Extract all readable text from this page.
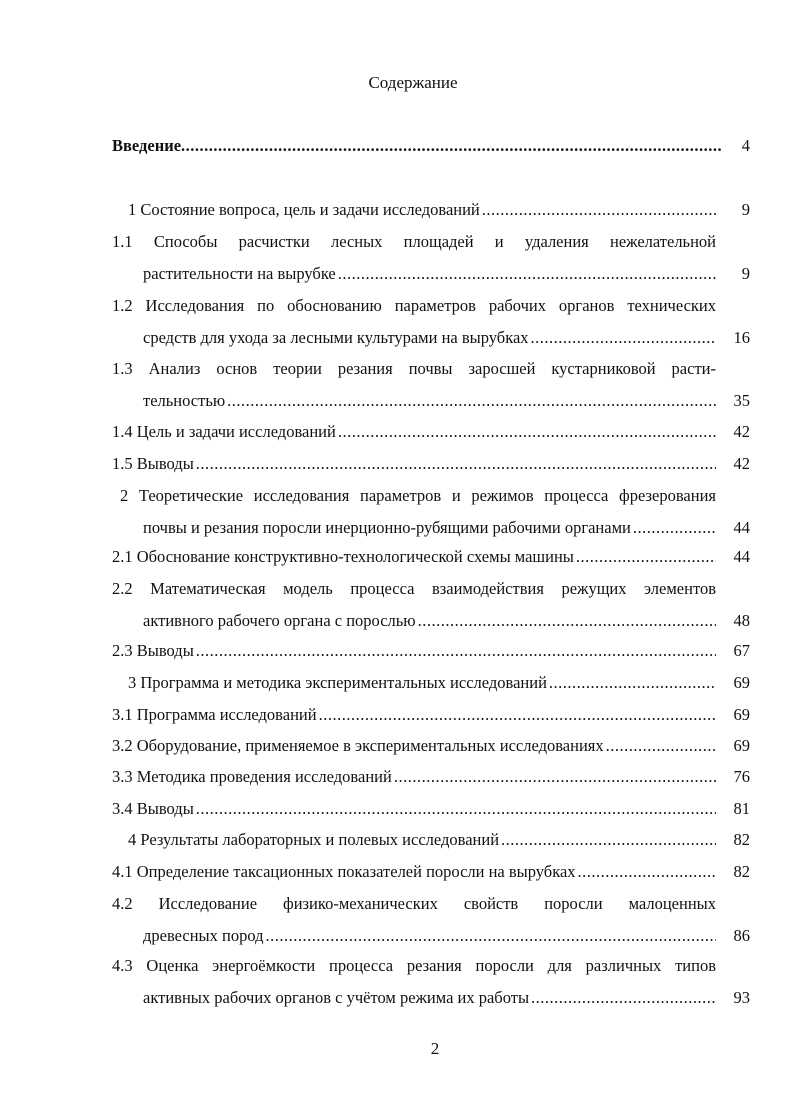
Содержание
Введение .....	4
1 Состояние вопроса, цель и задачи исследований .....	9
1.1 Способы расчистки лесных площадей и удаления нежелательной
растительности на вырубке .....	9
1.2 Исследования по обоснованию параметров рабочих органов технических
средств для ухода за лесными культурами на вырубках .....	16
1.3 Анализ основ теории резания почвы заросшей кустарниковой расти-
тельностью .....	35
1.4 Цель и задачи исследований .....	42
1.5 Выводы .....	42
2 Теоретические исследования параметров и режимов процесса фрезерования
почвы и резания поросли инерционно-рубящими рабочими органами .....	44
2.1 Обоснование конструктивно-технологической схемы машины .....	44
2.2 Математическая модель процесса взаимодействия режущих элементов
активного рабочего органа с порослью .....	48
2.3 Выводы .....	67
3 Программа и методика экспериментальных исследований .....	69
3.1 Программа исследований .....	69
3.2 Оборудование, применяемое в экспериментальных исследованиях .....	69
3.3 Методика проведения исследований .....	76
3.4 Выводы .....	81
4 Результаты лабораторных и полевых исследований .....	82
4.1 Определение таксационных показателей поросли на вырубках .....	82
4.2 Исследование физико-механических свойств поросли малоценных
древесных пород .....	86
4.3 Оценка энергоёмкости процесса резания поросли для различных типов
активных рабочих органов с учётом режима их работы .....	93
2
